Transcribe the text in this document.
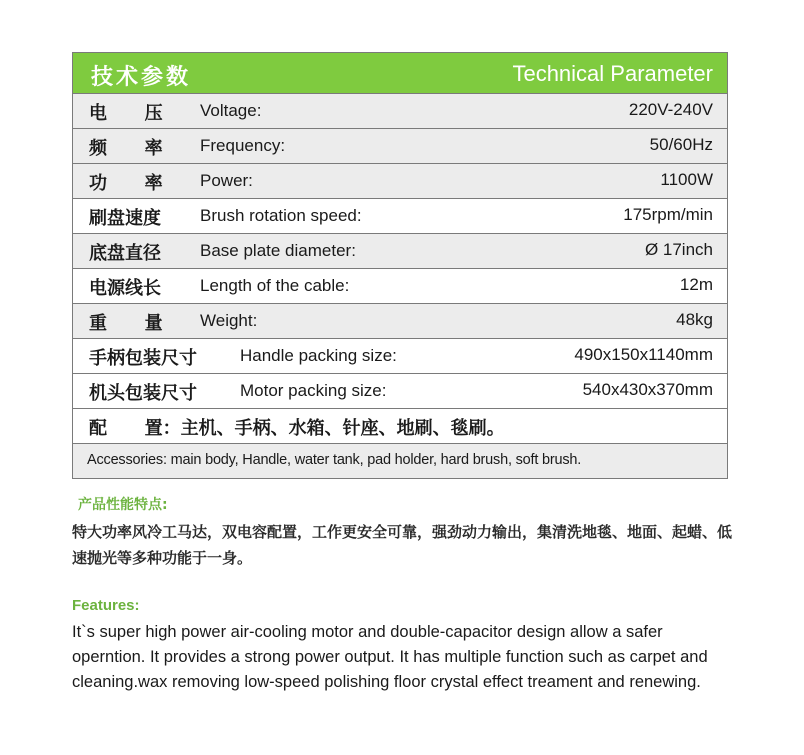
技术参数	Technical Parameter
电      压 Voltage:	220V-240V
频      率 Frequency:	50/60Hz
功      率 Power:	1100W
刷盘速度 Brush rotation speed:	175rpm/min
底盘直径 Base plate diameter:	Ø 17inch
电源线长 Length of the cable:	12m
重      量 Weight:	48kg
手柄包装尺寸	Handle packing size:	490x150x1140mm
机头包装尺寸	Motor packing size:	540x430x370mm
配      置：主机、手柄、水箱、针座、地刷、毯刷。
Accessories: main body, Handle, water tank, pad holder, hard brush, soft brush.
产品性能特点:
特大功率风冷工马达，双电容配置，工作更安全可靠，强劲动力输出，集清洗地毯、地面、起蜡、低速抛光等多种功能于一身。
Features:
It`s super high power air-cooling motor and double-capacitor design allow a safer operntion. It provides a strong power output. It has multiple function such as carpet and cleaning.wax removing low-speed polishing floor crystal effect treament and renewing.
